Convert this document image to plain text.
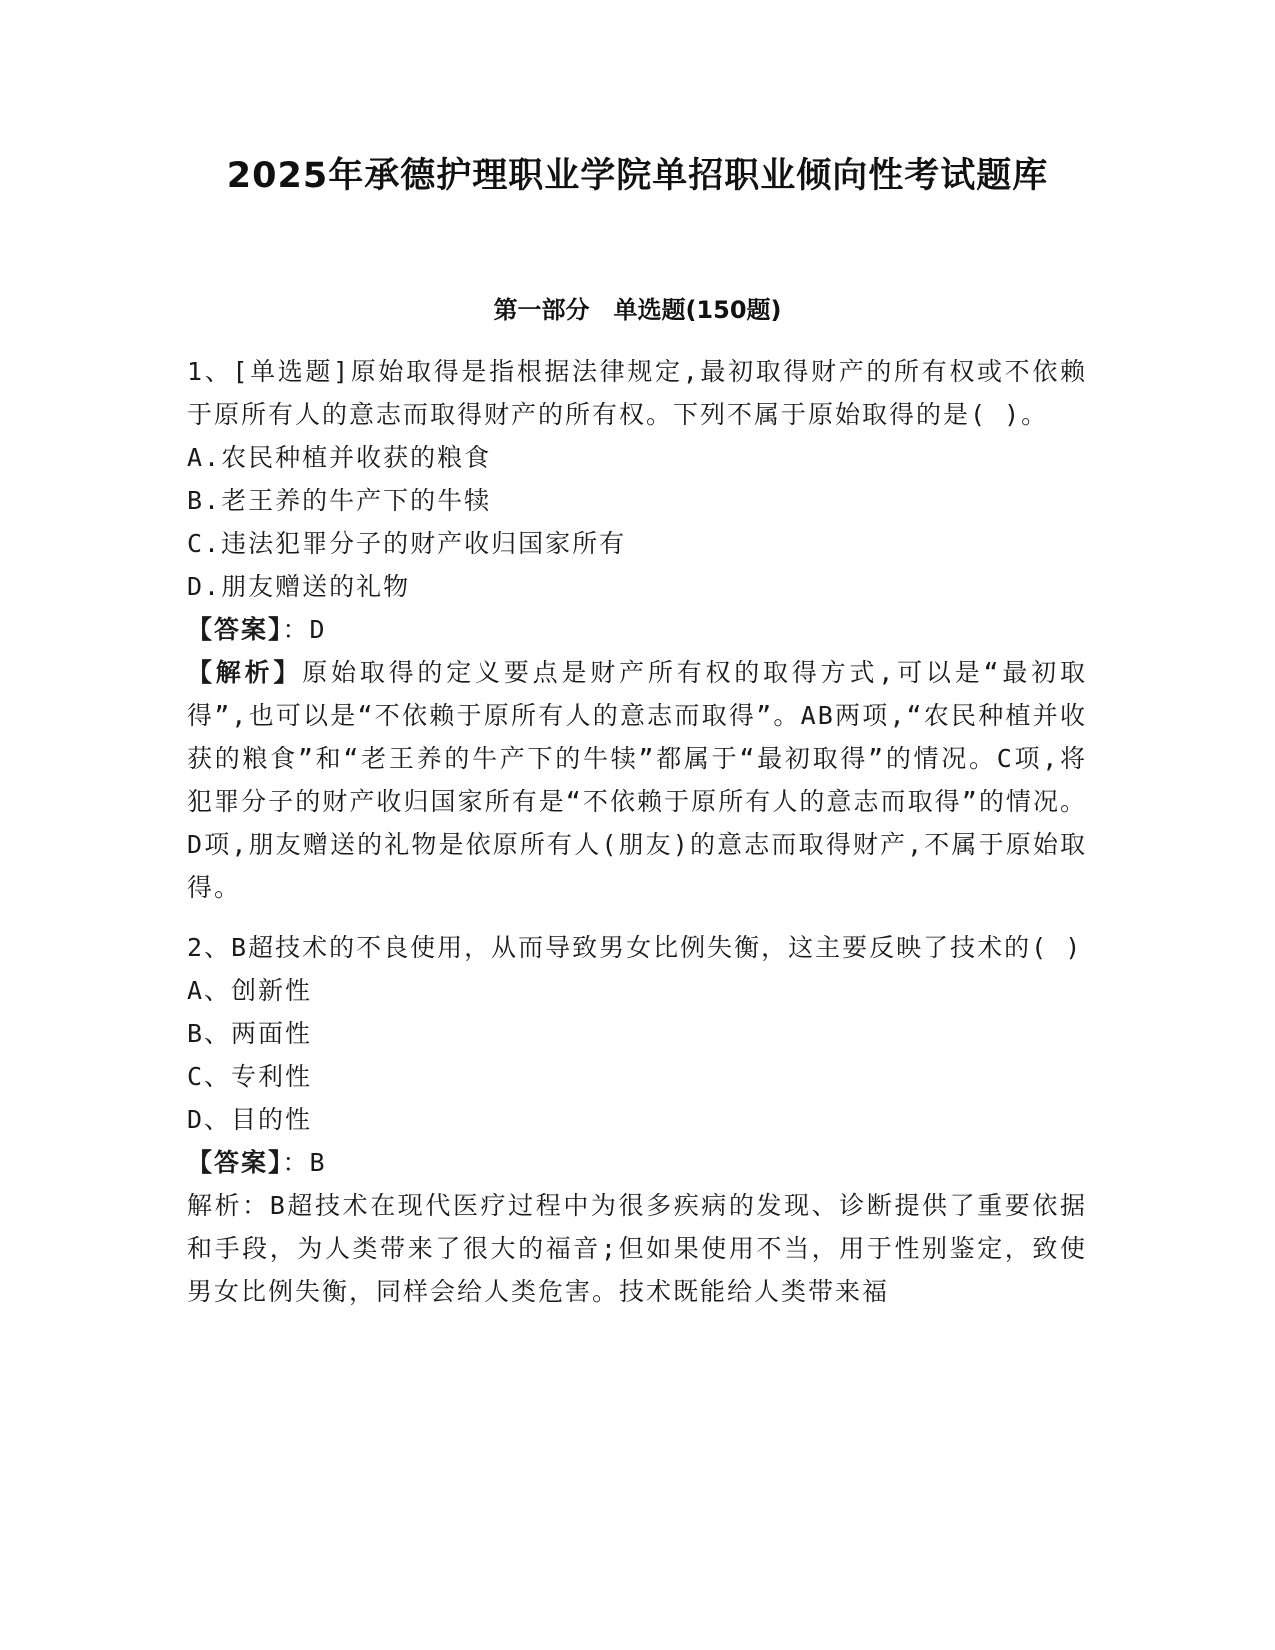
2025年承德护理职业学院单招职业倾向性考试题库
第一部分　单选题(150题)
1、[单选题]原始取得是指根据法律规定,最初取得财产的所有权或不依赖于原所有人的意志而取得财产的所有权。下列不属于原始取得的是( )。
A.农民种植并收获的粮食
B.老王养的牛产下的牛犊
C.违法犯罪分子的财产收归国家所有
D.朋友赠送的礼物
【答案】：D
【解析】原始取得的定义要点是财产所有权的取得方式,可以是“最初取得”,也可以是“不依赖于原所有人的意志而取得”。AB两项,“农民种植并收获的粮食”和“老王养的牛产下的牛犊”都属于“最初取得”的情况。C项,将犯罪分子的财产收归国家所有是“不依赖于原所有人的意志而取得”的情况。D项,朋友赠送的礼物是依原所有人(朋友)的意志而取得财产,不属于原始取得。
2、B超技术的不良使用，从而导致男女比例失衡，这主要反映了技术的( )
A、创新性
B、两面性
C、专利性
D、目的性
【答案】：B
解析：B超技术在现代医疗过程中为很多疾病的发现、诊断提供了重要依据和手段，为人类带来了很大的福音;但如果使用不当，用于性别鉴定，致使男女比例失衡，同样会给人类危害。技术既能给人类带来福
